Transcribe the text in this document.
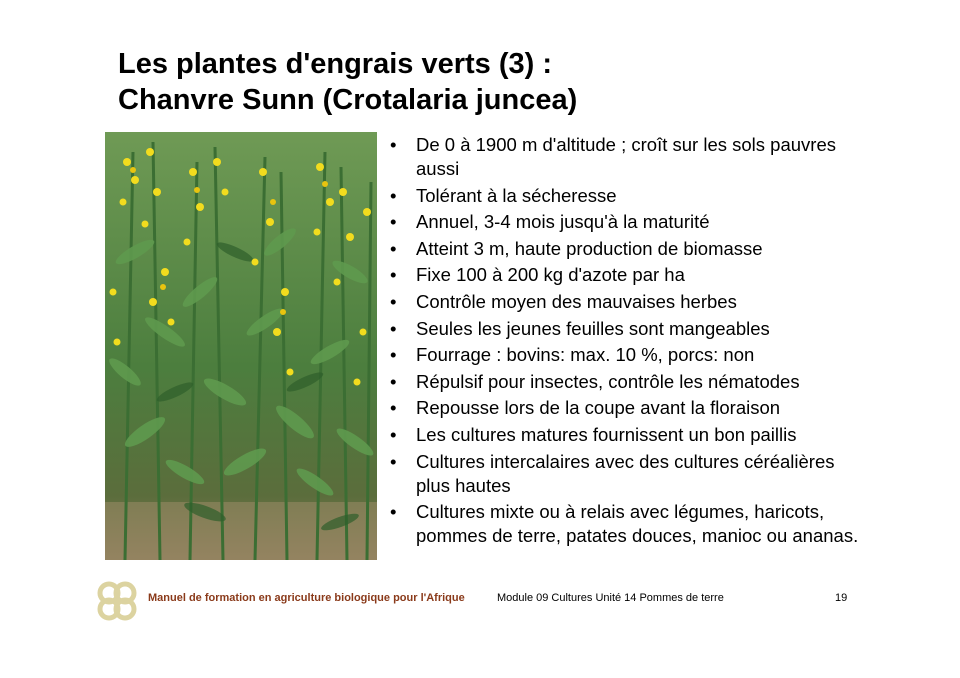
Les plantes d'engrais verts (3) :
Chanvre Sunn (Crotalaria juncea)
• De 0 à 1900 m d'altitude ; croît sur les sols pauvres aussi
• Tolérant à la sécheresse
• Annuel, 3-4 mois jusqu'à la maturité
• Atteint 3 m, haute production de biomasse
• Fixe 100 à 200 kg d'azote par ha
• Contrôle moyen des mauvaises herbes
• Seules les jeunes feuilles sont mangeables
• Fourrage : bovins: max. 10 %, porcs: non
• Répulsif pour insectes, contrôle les nématodes
• Repousse lors de la coupe avant la floraison
• Les cultures matures fournissent un bon paillis
• Cultures intercalaires avec des cultures céréalières plus hautes
• Cultures mixte ou à relais avec légumes, haricots, pommes de terre, patates douces, manioc ou ananas.
Manuel de formation en agriculture biologique pour l'Afrique	Module 09 Cultures Unité 14 Pommes de terre	19
